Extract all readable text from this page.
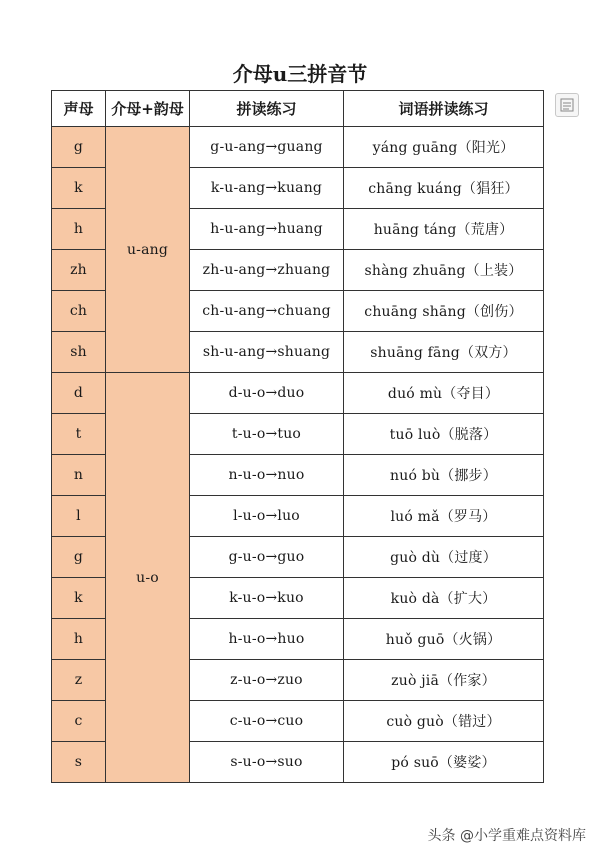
介母u三拼音节
声母	介母+韵母	拼读练习	词语拼读练习
g	u-ang	g-u-ang→guang	yáng guāng（阳光）
k		k-u-ang→kuang	chāng kuáng（猖狂）
h		h-u-ang→huang	huāng táng（荒唐）
zh		zh-u-ang→zhuang	shàng zhuāng（上装）
ch		ch-u-ang→chuang	chuāng shāng（创伤）
sh		sh-u-ang→shuang	shuāng fāng（双方）
d	u-o	d-u-o→duo	duó mù（夺目）
t		t-u-o→tuo	tuō luò（脱落）
n		n-u-o→nuo	nuó bù（挪步）
l		l-u-o→luo	luó mǎ（罗马）
g		g-u-o→guo	guò dù（过度）
k		k-u-o→kuo	kuò dà（扩大）
h		h-u-o→huo	huǒ guō（火锅）
z		z-u-o→zuo	zuò jiā（作家）
c		c-u-o→cuo	cuò guò（错过）
s		s-u-o→suo	pó suō（婆娑）
头条 @小学重难点资料库
